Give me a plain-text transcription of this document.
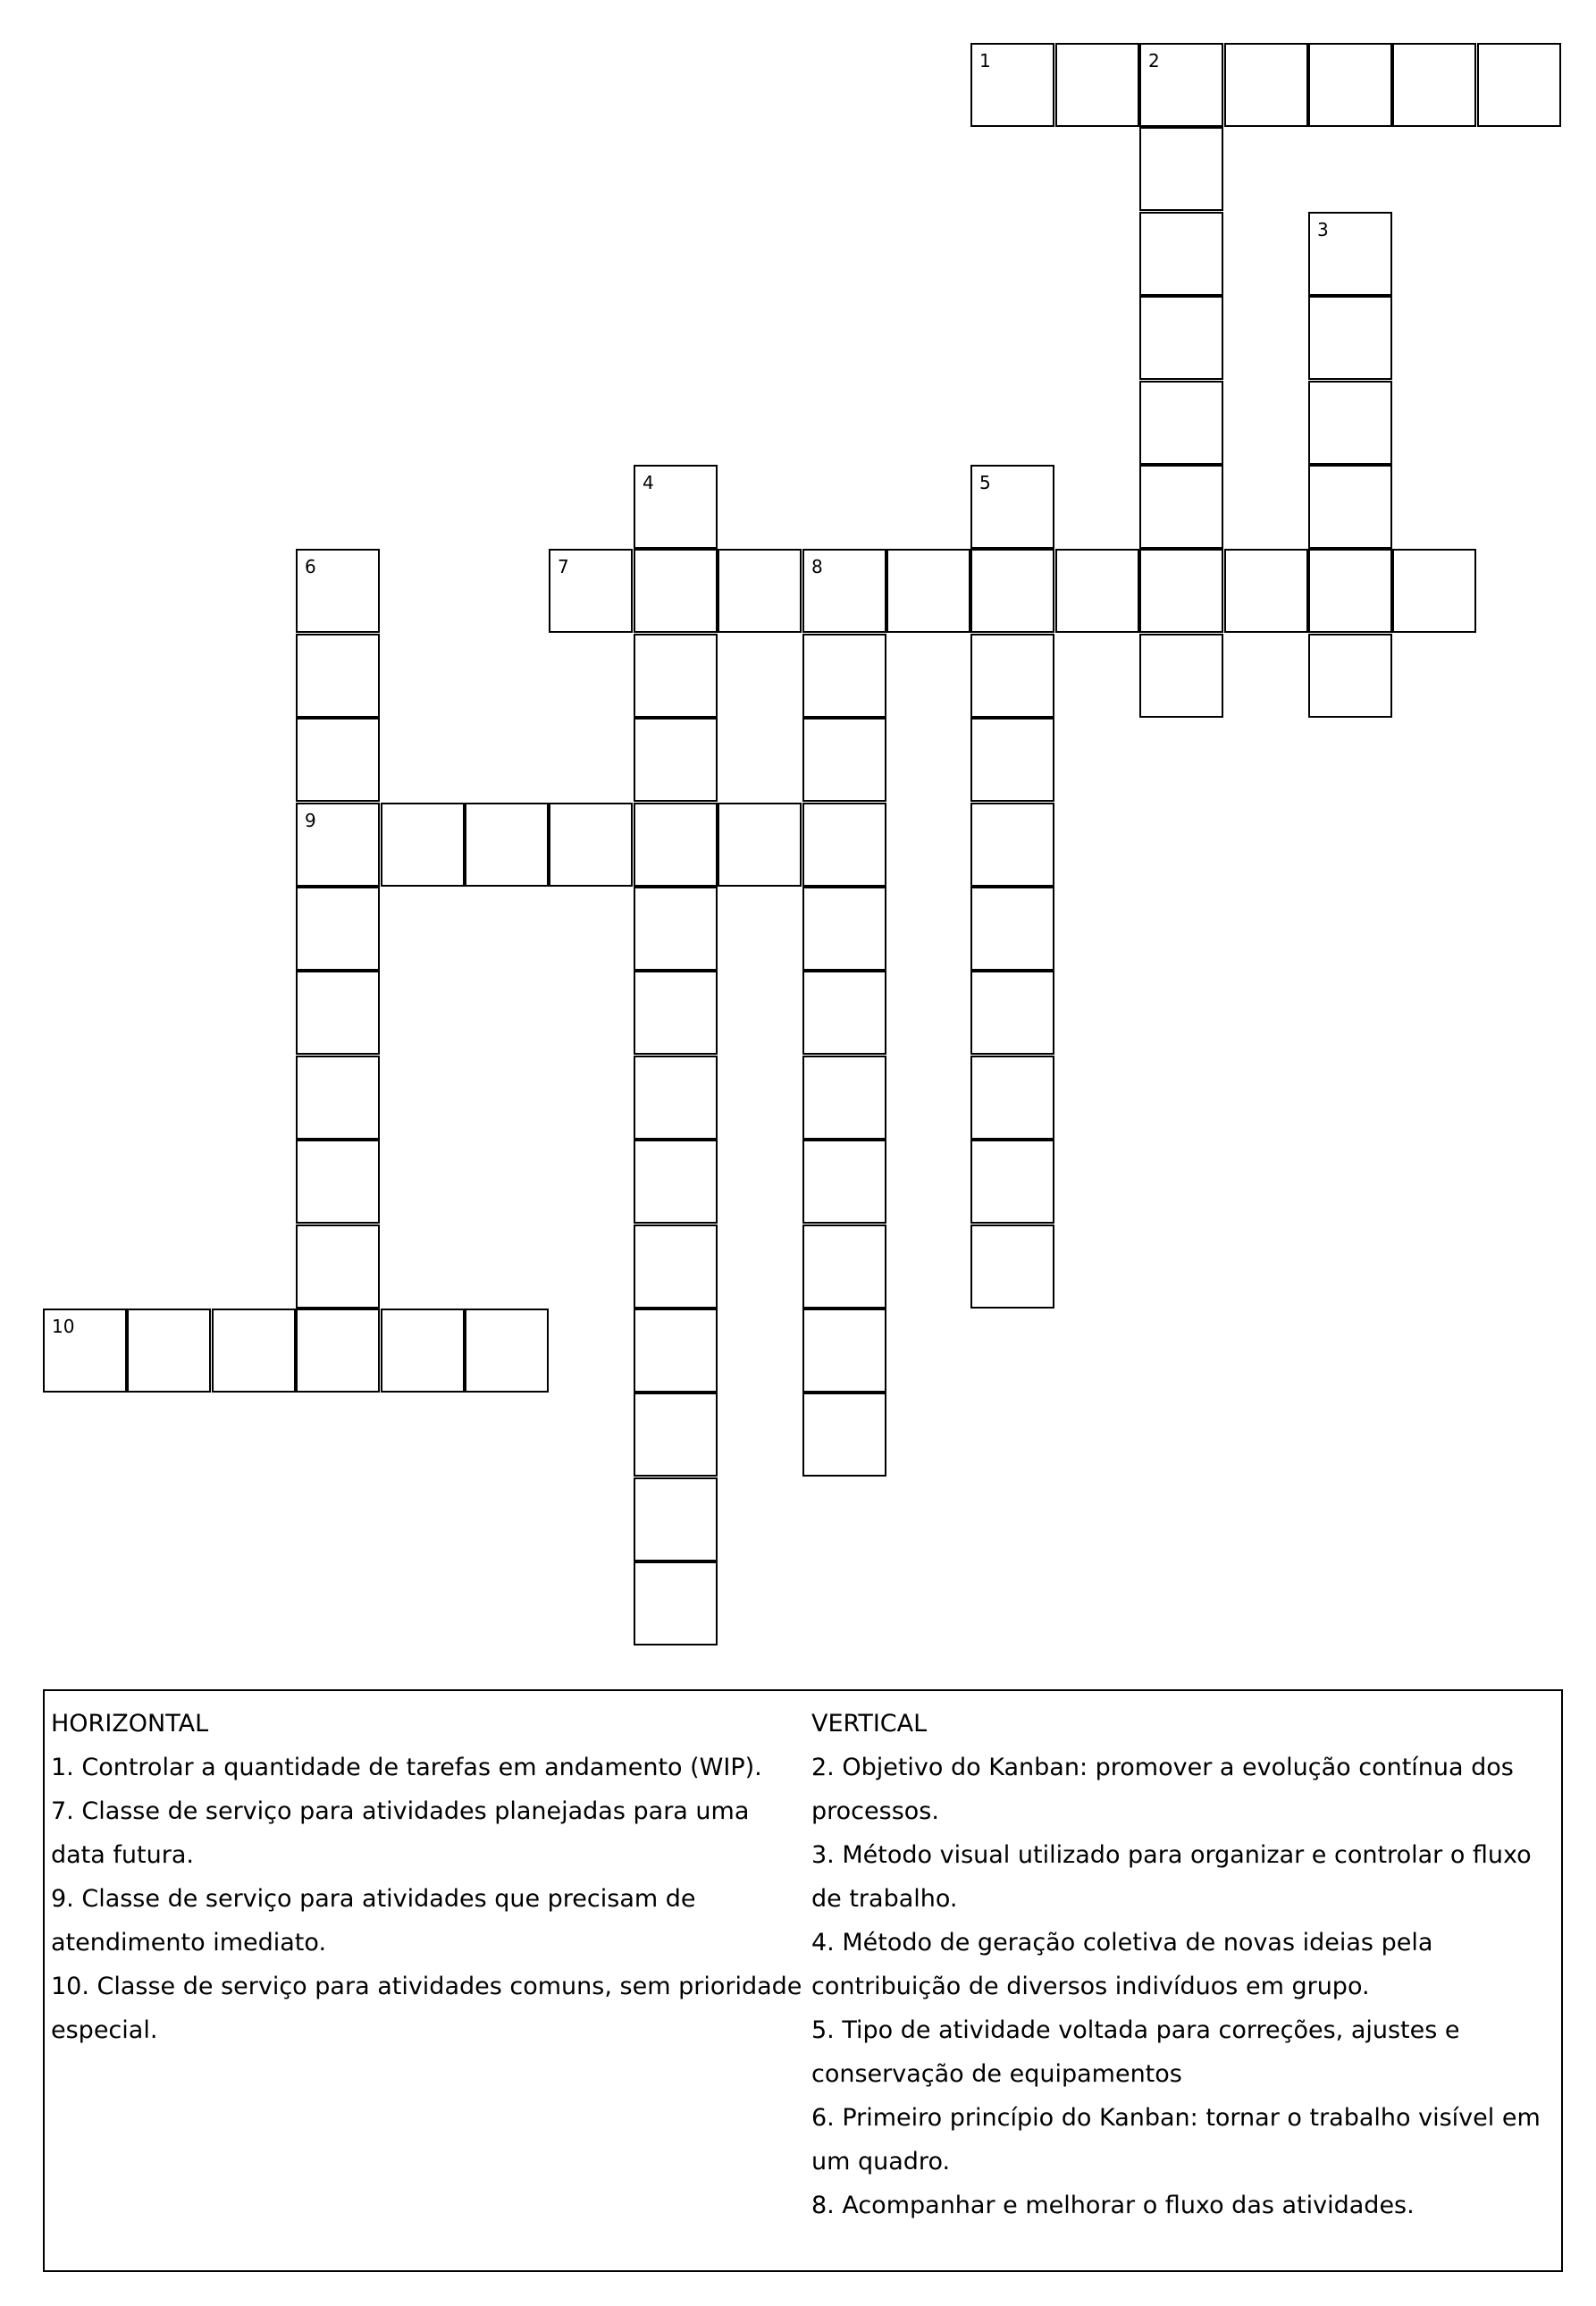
1	2
3
4	5
6
9
7	8
10
HORIZONTAL
1. Controlar a quantidade de tarefas em andamento (WIP).
7. Classe de serviço para atividades planejadas para uma data futura.
9. Classe de serviço para atividades que precisam de atendimento imediato.
10. Classe de serviço para atividades comuns, sem prioridade especial.
VERTICAL
2. Objetivo do Kanban: promover a evolução contínua dos processos.
3. Método visual utilizado para organizar e controlar o fluxo de trabalho.
4. Método de geração coletiva de novas ideias pela contribuição de diversos indivíduos em grupo.
5. Tipo de atividade voltada para correções, ajustes e conservação de equipamentos
6. Primeiro princípio do Kanban: tornar o trabalho visível em um quadro.
8. Acompanhar e melhorar o fluxo das atividades.
